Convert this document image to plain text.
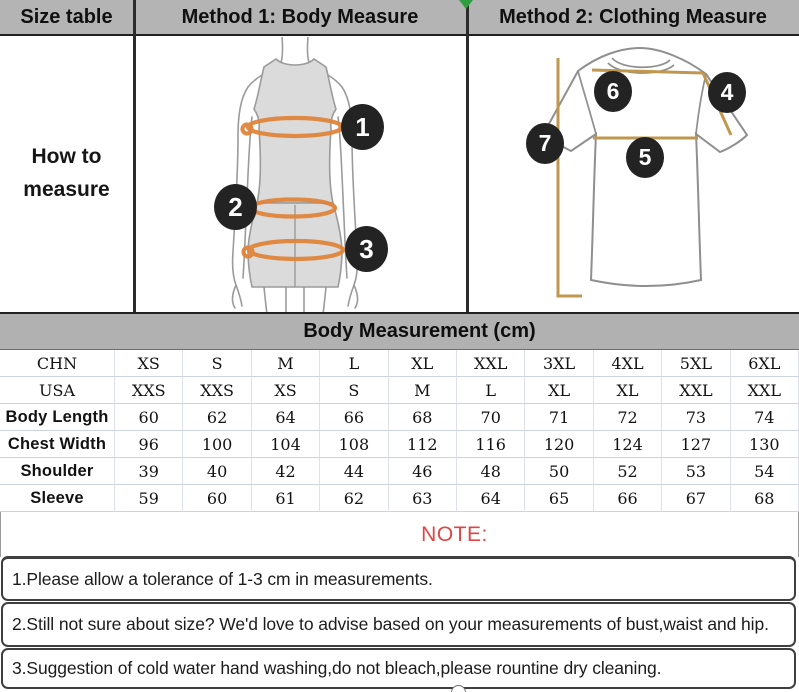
Size table	Method 1: Body Measure	Method 2: Clothing Measure
How to
measure
1
2
3
4
5
6
7
Body Measurement (cm)
CHN	XS	S	M	L	XL	XXL	3XL	4XL	5XL	6XL
USA	XXS	XXS	XS	S	M	L	XL	XL	XXL	XXL
Body Length	60	62	64	66	68	70	71	72	73	74
Chest Width	96	100	104	108	112	116	120	124	127	130
Shoulder	39	40	42	44	46	48	50	52	53	54
Sleeve	59	60	61	62	63	64	65	66	67	68
NOTE:
1.Please allow a tolerance of 1-3 cm in measurements.
2.Still not sure about size? We'd love to advise based on your measurements of bust,waist and hip.
3.Suggestion of cold water hand washing,do not bleach,please rountine dry cleaning.
